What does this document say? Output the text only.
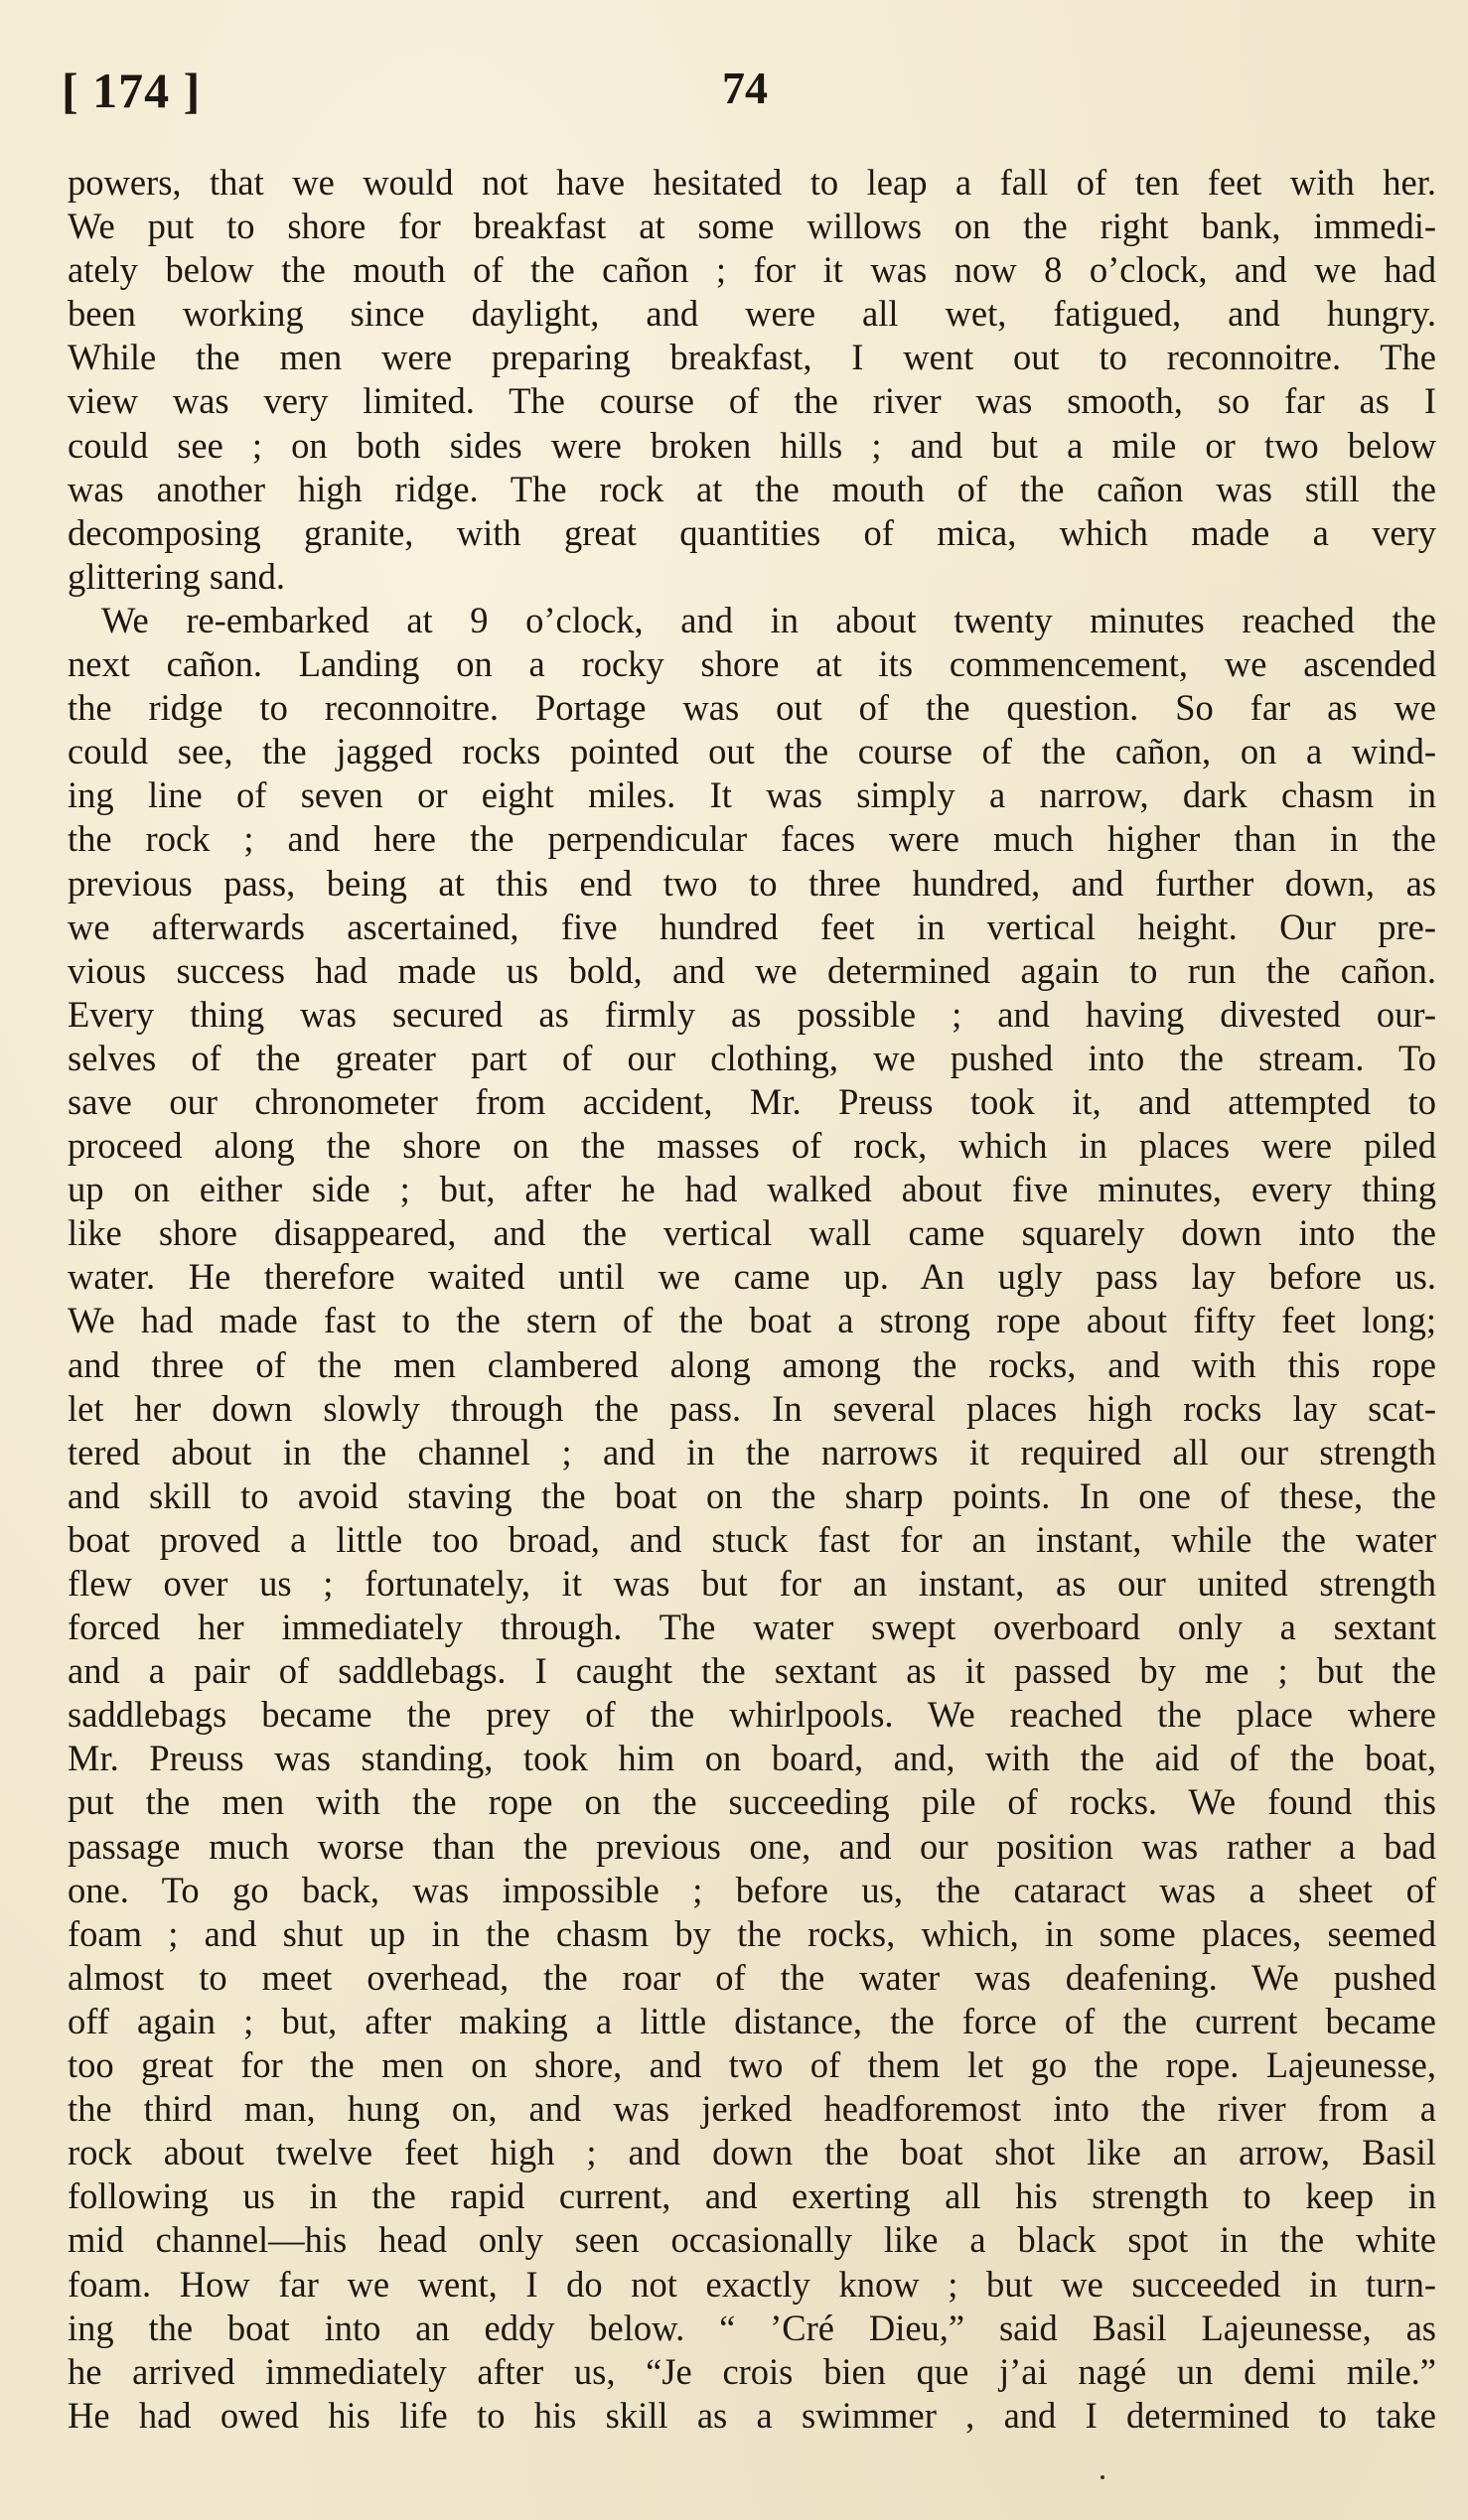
[ 174 ]	74
powers, that we would not have hesitated to leap a fall of ten feet with her.
We put to shore for breakfast at some willows on the right bank, immedi-
ately below the mouth of the cañon ; for it was now 8 o’clock, and we had
been working since daylight, and were all wet, fatigued, and hungry.
While the men were preparing breakfast, I went out to reconnoitre. The
view was very limited. The course of the river was smooth, so far as I
could see ; on both sides were broken hills ; and but a mile or two below
was another high ridge. The rock at the mouth of the cañon was still the
decomposing granite, with great quantities of mica, which made a very
glittering sand.
We re-embarked at 9 o’clock, and in about twenty minutes reached the
next cañon. Landing on a rocky shore at its commencement, we ascended
the ridge to reconnoitre. Portage was out of the question. So far as we
could see, the jagged rocks pointed out the course of the cañon, on a wind-
ing line of seven or eight miles. It was simply a narrow, dark chasm in
the rock ; and here the perpendicular faces were much higher than in the
previous pass, being at this end two to three hundred, and further down, as
we afterwards ascertained, five hundred feet in vertical height. Our pre-
vious success had made us bold, and we determined again to run the cañon.
Every thing was secured as firmly as possible ; and having divested our-
selves of the greater part of our clothing, we pushed into the stream. To
save our chronometer from accident, Mr. Preuss took it, and attempted to
proceed along the shore on the masses of rock, which in places were piled
up on either side ; but, after he had walked about five minutes, every thing
like shore disappeared, and the vertical wall came squarely down into the
water. He therefore waited until we came up. An ugly pass lay before us.
We had made fast to the stern of the boat a strong rope about fifty feet long;
and three of the men clambered along among the rocks, and with this rope
let her down slowly through the pass. In several places high rocks lay scat-
tered about in the channel ; and in the narrows it required all our strength
and skill to avoid staving the boat on the sharp points. In one of these, the
boat proved a little too broad, and stuck fast for an instant, while the water
flew over us ; fortunately, it was but for an instant, as our united strength
forced her immediately through. The water swept overboard only a sextant
and a pair of saddlebags. I caught the sextant as it passed by me ; but the
saddlebags became the prey of the whirlpools. We reached the place where
Mr. Preuss was standing, took him on board, and, with the aid of the boat,
put the men with the rope on the succeeding pile of rocks. We found this
passage much worse than the previous one, and our position was rather a bad
one. To go back, was impossible ; before us, the cataract was a sheet of
foam ; and shut up in the chasm by the rocks, which, in some places, seemed
almost to meet overhead, the roar of the water was deafening. We pushed
off again ; but, after making a little distance, the force of the current became
too great for the men on shore, and two of them let go the rope. Lajeunesse,
the third man, hung on, and was jerked headforemost into the river from a
rock about twelve feet high ; and down the boat shot like an arrow, Basil
following us in the rapid current, and exerting all his strength to keep in
mid channel—his head only seen occasionally like a black spot in the white
foam. How far we went, I do not exactly know ; but we succeeded in turn-
ing the boat into an eddy below. “ ’Cré Dieu,” said Basil Lajeunesse, as
he arrived immediately after us, “Je crois bien que j’ai nagé un demi mile.”
He had owed his life to his skill as a swimmer , and I determined to take
